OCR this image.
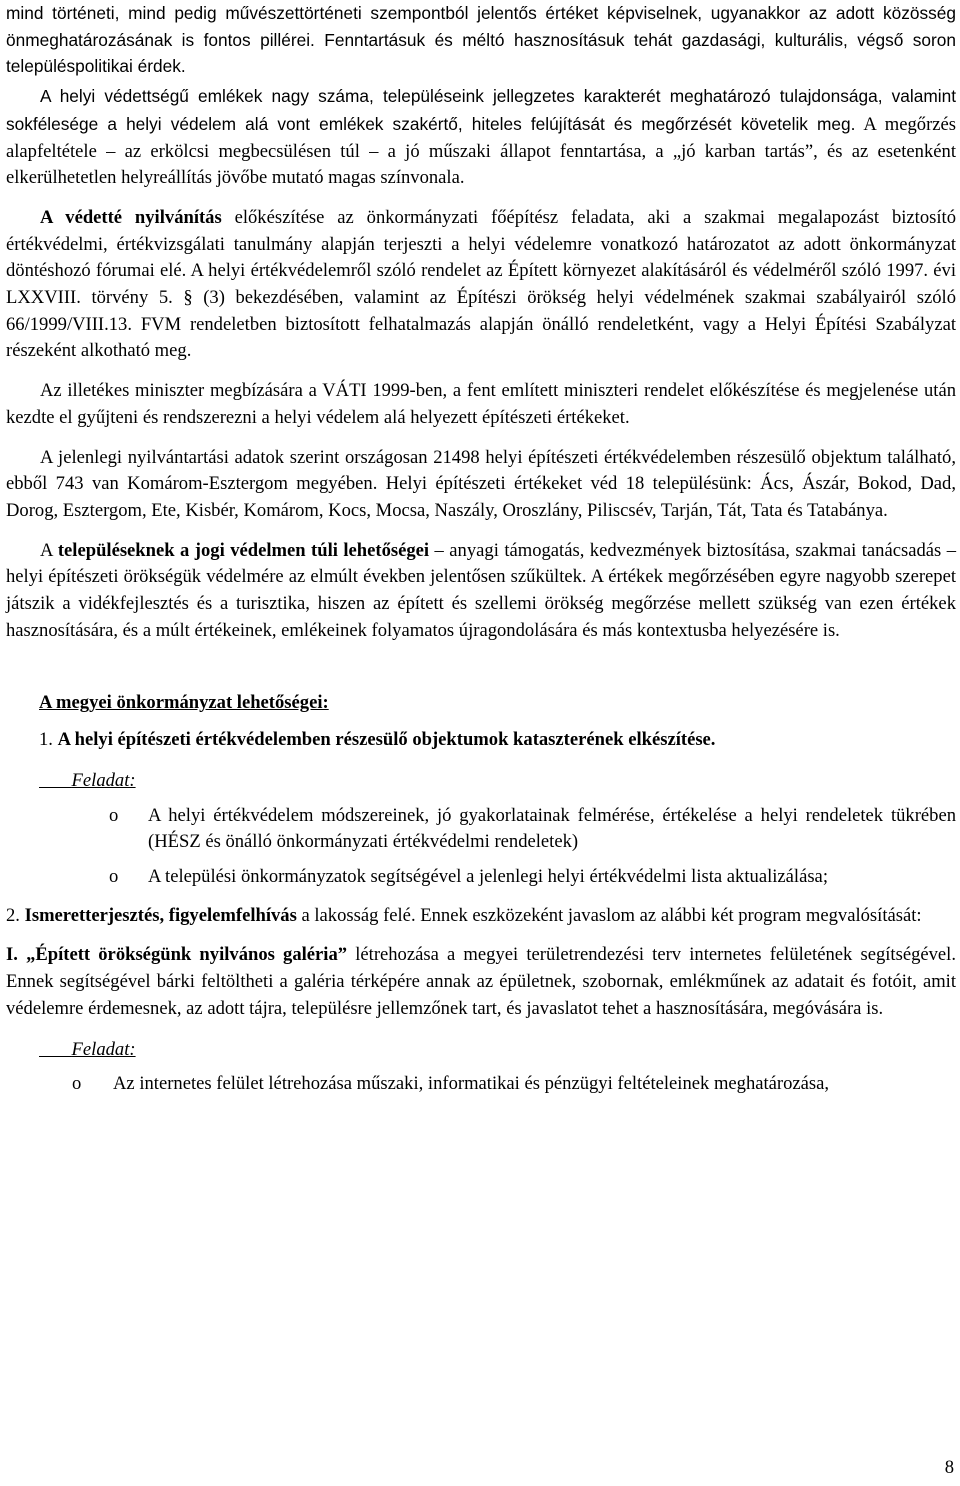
mind történeti, mind pedig művészettörténeti szempontból jelentős értéket képviselnek, ugyanakkor az adott közösség önmeghatározásának is fontos pillérei. Fenntartásuk és méltó hasznosításuk tehát gazdasági, kulturális, végső soron településpolitikai érdek.

A helyi védettségű emlékek nagy száma, településeink jellegzetes karakterét meghatározó tulajdonsága, valamint sokfélesége a helyi védelem alá vont emlékek szakértő, hiteles felújítását és megőrzését követelik meg. A megőrzés alapfeltétele – az erkölcsi megbecsülésen túl – a jó műszaki állapot fenntartása, a „jó karban tartás”, és az esetenként elkerülhetetlen helyreállítás jövőbe mutató magas színvonala.

A védetté nyilvánítás előkészítése az önkormányzati főépítész feladata, aki a szakmai megalapozást biztosító értékvédelmi, értékvizsgálati tanulmány alapján terjeszti a helyi védelemre vonatkozó határozatot az adott önkormányzat döntéshozó fórumai elé. A helyi értékvédelemről szóló rendelet az Épített környezet alakításáról és védelméről szóló 1997. évi LXXVIII. törvény 5. § (3) bekezdésében, valamint az Építészi örökség helyi védelmének szakmai szabályairól szóló 66/1999/VIII.13. FVM rendeletben biztosított felhatalmazás alapján önálló rendeletként, vagy a Helyi Építési Szabályzat részeként alkotható meg.

Az illetékes miniszter megbízására a VÁTI 1999-ben, a fent említett miniszteri rendelet előkészítése és megjelenése után kezdte el gyűjteni és rendszerezni a helyi védelem alá helyezett építészeti értékeket.

A jelenlegi nyilvántartási adatok szerint országosan 21498 helyi építészeti értékvédelemben részesülő objektum található, ebből 743 van Komárom-Esztergom megyében. Helyi építészeti értékeket véd 18 településünk: Ács, Ászár, Bokod, Dad, Dorog, Esztergom, Ete, Kisbér, Komárom, Kocs, Mocsa, Naszály, Oroszlány, Piliscsév, Tarján, Tát, Tata és Tatabánya.

A településeknek a jogi védelmen túli lehetőségei – anyagi támogatás, kedvezmények biztosítása, szakmai tanácsadás – helyi építészeti örökségük védelmére az elmúlt években jelentősen szűkültek. A értékek megőrzésében egyre nagyobb szerepet játszik a vidékfejlesztés és a turisztika, hiszen az épített és szellemi örökség megőrzése mellett szükség van ezen értékek hasznosítására, és a múlt értékeinek, emlékeinek folyamatos újragondolására és más kontextusba helyezésére is.

A megyei önkormányzat lehetőségei:

1. A helyi építészeti értékvédelemben részesülő objektumok kataszterének elkészítése.

Feladat:
o A helyi értékvédelem módszereinek, jó gyakorlatainak felmérése, értékelése a helyi rendeletek tükrében (HÉSZ és önálló önkormányzati értékvédelmi rendeletek)
o A települési önkormányzatok segítségével a jelenlegi helyi értékvédelmi lista aktualizálása;

2. Ismeretterjesztés, figyelemfelhívás a lakosság felé. Ennek eszközeként javaslom az alábbi két program megvalósítását:

I. „Épített örökségünk nyilvános galéria” létrehozása a megyei területrendezési terv internetes felületének segítségével. Ennek segítségével bárki feltöltheti a galéria térképére annak az épületnek, szobornak, emlékműnek az adatait és fotóit, amit védelemre érdemesnek, az adott tájra, településre jellemzőnek tart, és javaslatot tehet a hasznosítására, megóvására is.

Feladat:
o Az internetes felület létrehozása műszaki, informatikai és pénzügyi feltételeinek meghatározása,
8
